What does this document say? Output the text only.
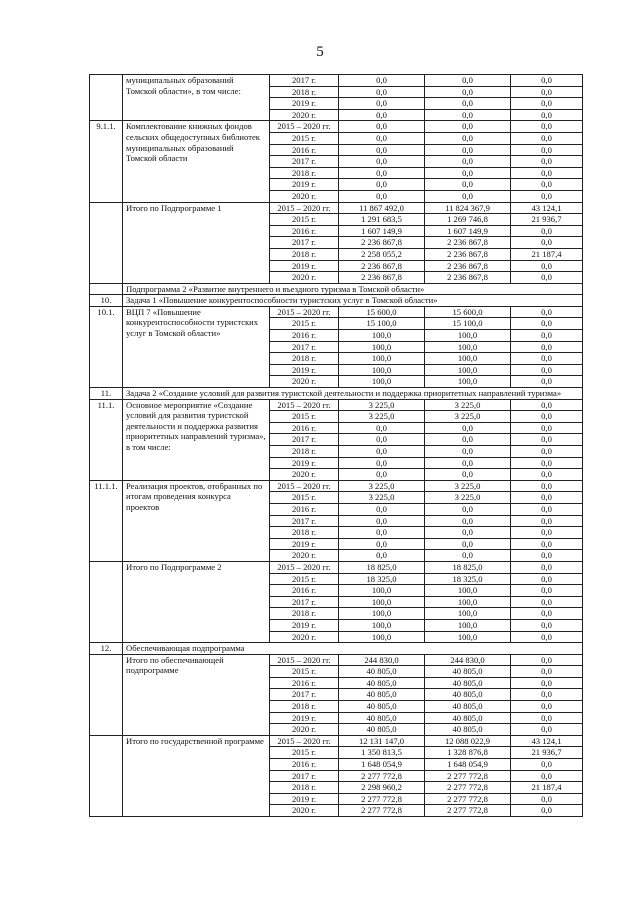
5
	муниципальных образований Томской области», в том числе:	2017 г.	0,0	0,0	0,0
		2018 г.	0,0	0,0	0,0
		2019 г.	0,0	0,0	0,0
		2020 г.	0,0	0,0	0,0
9.1.1.	Комплектование книжных фондов сельских общедоступных библиотек муниципальных образований Томской области	2015 – 2020 гг.	0,0	0,0	0,0
		2015 г.	0,0	0,0	0,0
		2016 г.	0,0	0,0	0,0
		2017 г.	0,0	0,0	0,0
		2018 г.	0,0	0,0	0,0
		2019 г.	0,0	0,0	0,0
		2020 г.	0,0	0,0	0,0
	Итого по Подпрограмме 1	2015 – 2020 гг.	11 867 492,0	11 824 367,9	43 124,1
		2015 г.	1 291 683,5	1 269 746,8	21 936,7
		2016 г.	1 607 149,9	1 607 149,9	0,0
		2017 г.	2 236 867,8	2 236 867,8	0,0
		2018 г.	2 258 055,2	2 236 867,8	21 187,4
		2019 г.	2 236 867,8	2 236 867,8	0,0
		2020 г.	2 236 867,8	2 236 867,8	0,0
	Подпрограмма 2 «Развитие внутреннего и въездного туризма в Томской области»				
10.	Задача 1 «Повышение конкурентоспособности туристских услуг в Томской области»				
10.1.	ВЦП 7 «Повышение конкурентоспособности туристских услуг в Томской области»	2015 – 2020 гг.	15 600,0	15 600,0	0,0
		2015 г.	15 100,0	15 100,0	0,0
		2016 г.	100,0	100,0	0,0
		2017 г.	100,0	100,0	0,0
		2018 г.	100,0	100,0	0,0
		2019 г.	100,0	100,0	0,0
		2020 г.	100,0	100,0	0,0
11.	Задача 2 «Создание условий для развития туристской деятельности и поддержка приоритетных направлений туризма»				
11.1.	Основное мероприятие «Создание условий для развития туристской деятельности и поддержка развития приоритетных направлений туризма», в том числе:	2015 – 2020 гг.	3 225,0	3 225,0	0,0
		2015 г.	3 225,0	3 225,0	0,0
		2016 г.	0,0	0,0	0,0
		2017 г.	0,0	0,0	0,0
		2018 г.	0,0	0,0	0,0
		2019 г.	0,0	0,0	0,0
		2020 г.	0,0	0,0	0,0
11.1.1.	Реализация проектов, отобранных по итогам проведения конкурса проектов	2015 – 2020 гг.	3 225,0	3 225,0	0,0
		2015 г.	3 225,0	3 225,0	0,0
		2016 г.	0,0	0,0	0,0
		2017 г.	0,0	0,0	0,0
		2018 г.	0,0	0,0	0,0
		2019 г.	0,0	0,0	0,0
		2020 г.	0,0	0,0	0,0
	Итого по Подпрограмме 2	2015 – 2020 гг.	18 825,0	18 825,0	0,0
		2015 г.	18 325,0	18 325,0	0,0
		2016 г.	100,0	100,0	0,0
		2017 г.	100,0	100,0	0,0
		2018 г.	100,0	100,0	0,0
		2019 г.	100,0	100,0	0,0
		2020 г.	100,0	100,0	0,0
12.	Обеспечивающая подпрограмма				
	Итого по обеспечивающей подпрограмме	2015 – 2020 гг.	244 830,0	244 830,0	0,0
		2015 г.	40 805,0	40 805,0	0,0
		2016 г.	40 805,0	40 805,0	0,0
		2017 г.	40 805,0	40 805,0	0,0
		2018 г.	40 805,0	40 805,0	0,0
		2019 г.	40 805,0	40 805,0	0,0
		2020 г.	40 805,0	40 805,0	0,0
	Итого по государственной программе	2015 – 2020 гг.	12 131 147,0	12 088 022,9	43 124,1
		2015 г.	1 350 813,5	1 328 876,8	21 936,7
		2016 г.	1 648 054,9	1 648 054,9	0,0
		2017 г.	2 277 772,8	2 277 772,8	0,0
		2018 г.	2 298 960,2	2 277 772,8	21 187,4
		2019 г.	2 277 772,8	2 277 772,8	0,0
		2020 г.	2 277 772,8	2 277 772,8	0,0
